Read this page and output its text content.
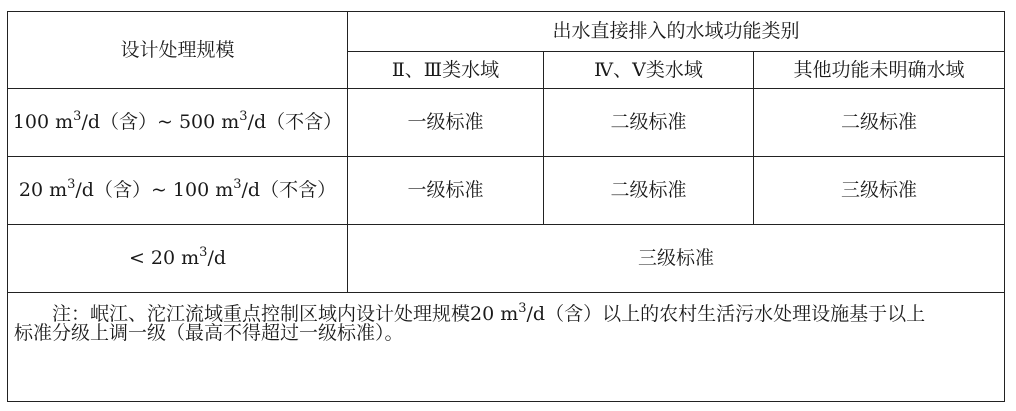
设计处理规模	出水直接排入的水域功能类别		
	Ⅱ、Ⅲ类水域	Ⅳ、Ⅴ类水域	其他功能未明确水域
100 $m^3/d$（含）~ 500 $m^3/d$（不含）	一级标准	二级标准	二级标准
20 $m^3/d$（含）~ 100 $m^3/d$（不含）	一级标准	二级标准	三级标准
< 20 $m^3/d$	三级标准		
注：岷江、沱江流域重点控制区域内设计处理规模20 $m^3/d$（含）以上的农村生活污水处理设施基于以上
标准分级上调一级（最高不得超过一级标准）。			
